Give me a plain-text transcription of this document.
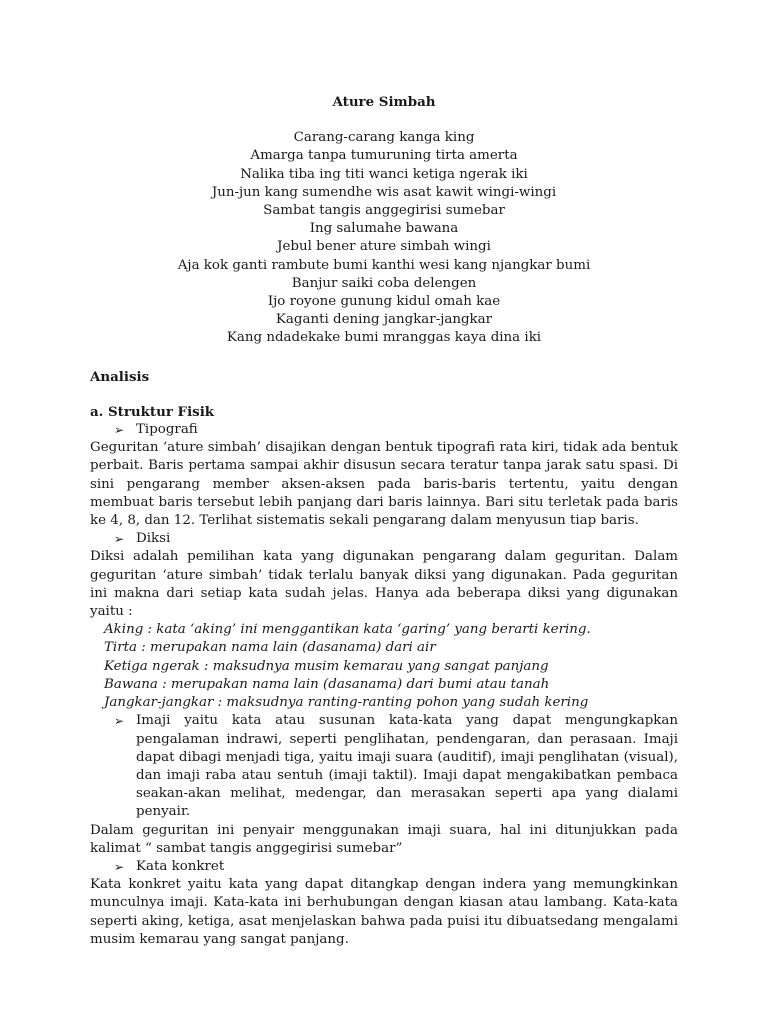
Ature Simbah
Carang-carang kanga king
Amarga tanpa tumuruning tirta amerta
Nalika tiba ing titi wanci ketiga ngerak iki
Jun-jun kang sumendhe wis asat kawit wingi-wingi
Sambat tangis anggegirisi sumebar
Ing salumahe bawana
Jebul bener ature simbah wingi
Aja kok ganti rambute bumi kanthi wesi kang njangkar bumi
Banjur saiki coba delengen
Ijo royone gunung kidul omah kae
Kaganti dening jangkar-jangkar
Kang ndadekake bumi mranggas kaya dina iki
Analisis
a. Struktur Fisik
➢ Tipografi
Geguritan ‘ature simbah’ disajikan dengan bentuk tipografi rata kiri, tidak ada bentuk perbait. Baris pertama sampai akhir disusun secara teratur tanpa jarak satu spasi. Di sini pengarang member aksen-aksen pada baris-baris tertentu, yaitu dengan membuat baris tersebut lebih panjang dari baris lainnya. Bari situ terletak pada baris ke 4, 8, dan 12. Terlihat sistematis sekali pengarang dalam menyusun tiap baris.
➢ Diksi
Diksi adalah pemilihan kata yang digunakan pengarang dalam geguritan. Dalam geguritan ‘ature simbah’ tidak terlalu banyak diksi yang digunakan. Pada geguritan ini makna dari setiap kata sudah jelas. Hanya ada beberapa diksi yang digunakan yaitu :
Aking : kata ‘aking’ ini menggantikan kata ‘garing’ yang berarti kering.
Tirta : merupakan nama lain (dasanama) dari air
Ketiga ngerak : maksudnya musim kemarau yang sangat panjang
Bawana : merupakan nama lain (dasanama) dari bumi atau tanah
Jangkar-jangkar : maksudnya ranting-ranting pohon yang sudah kering
➢ Imaji yaitu kata atau susunan kata-kata yang dapat mengungkapkan pengalaman indrawi, seperti penglihatan, pendengaran, dan perasaan. Imaji dapat dibagi menjadi tiga, yaitu imaji suara (auditif), imaji penglihatan (visual), dan imaji raba atau sentuh (imaji taktil). Imaji dapat mengakibatkan pembaca seakan-akan melihat, medengar, dan merasakan seperti apa yang dialami penyair.
Dalam geguritan ini penyair menggunakan imaji suara, hal ini ditunjukkan pada kalimat “ sambat tangis anggegirisi sumebar”
➢ Kata konkret
Kata konkret yaitu kata yang dapat ditangkap dengan indera yang memungkinkan munculnya imaji. Kata-kata ini berhubungan dengan kiasan atau lambang. Kata-kata seperti aking, ketiga, asat menjelaskan bahwa pada puisi itu dibuatsedang mengalami musim kemarau yang sangat panjang.
